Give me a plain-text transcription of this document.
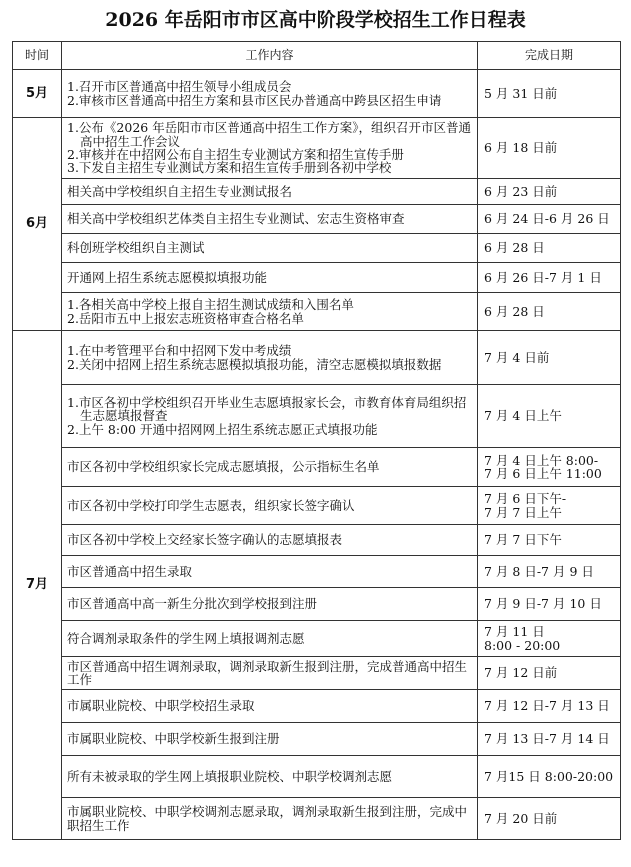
2026 年岳阳市市区高中阶段学校招生工作日程表
时间	工作内容	完成日期
5月	1.召开市区普通高中招生领导小组成员会
2.审核市区普通高中招生方案和县市区民办普通高中跨县区招生申请	5 月 31 日前

6月	1.公布《2026 年岳阳市市区普通高中招生工作方案》，组织召开市区普通高中招生工作会议
2.审核并在中招网公布自主招生专业测试方案和招生宣传手册
3.下发自主招生专业测试方案和招生宣传手册到各初中学校	6 月 18 日前

	相关高中学校组织自主招生专业测试报名	6 月 23 日前

	相关高中学校组织艺体类自主招生专业测试、宏志生资格审查	6 月 24 日-6 月 26 日

	科创班学校组织自主测试	6 月 28 日

	开通网上招生系统志愿模拟填报功能	6 月 26 日-7 月 1 日

	1.各相关高中学校上报自主招生测试成绩和入围名单
2.岳阳市五中上报宏志班资格审查合格名单	6 月 28 日

7月	1.在中考管理平台和中招网下发中考成绩
2.关闭中招网上招生系统志愿模拟填报功能，清空志愿模拟填报数据	7 月 4 日前

	1.市区各初中学校组织召开毕业生志愿填报家长会，市教育体育局组织招生志愿填报督查
2.上午 8:00 开通中招网网上招生系统志愿正式填报功能	7 月 4 日上午

	市区各初中学校组织家长完成志愿填报，公示指标生名单	7 月 4 日上午 8:00-
7 月 6 日上午 11:00

	市区各初中学校打印学生志愿表，组织家长签字确认	7 月 6 日下午-
7 月 7 日上午

	市区各初中学校上交经家长签字确认的志愿填报表	7 月 7 日下午

	市区普通高中招生录取	7 月 8 日-7 月 9 日

	市区普通高中高一新生分批次到学校报到注册	7 月 9 日-7 月 10 日

	符合调剂录取条件的学生网上填报调剂志愿	7 月 11 日
8:00 - 20:00

	市区普通高中招生调剂录取，调剂录取新生报到注册，完成普通高中招生工作	7 月 12 日前

	市属职业院校、中职学校招生录取	7 月 12 日-7 月 13 日

	市属职业院校、中职学校新生报到注册	7 月 13 日-7 月 14 日

	所有未被录取的学生网上填报职业院校、中职学校调剂志愿	7 月15 日 8:00-20:00

	市属职业院校、中职学校调剂志愿录取，调剂录取新生报到注册，完成中职招生工作	7 月 20 日前
